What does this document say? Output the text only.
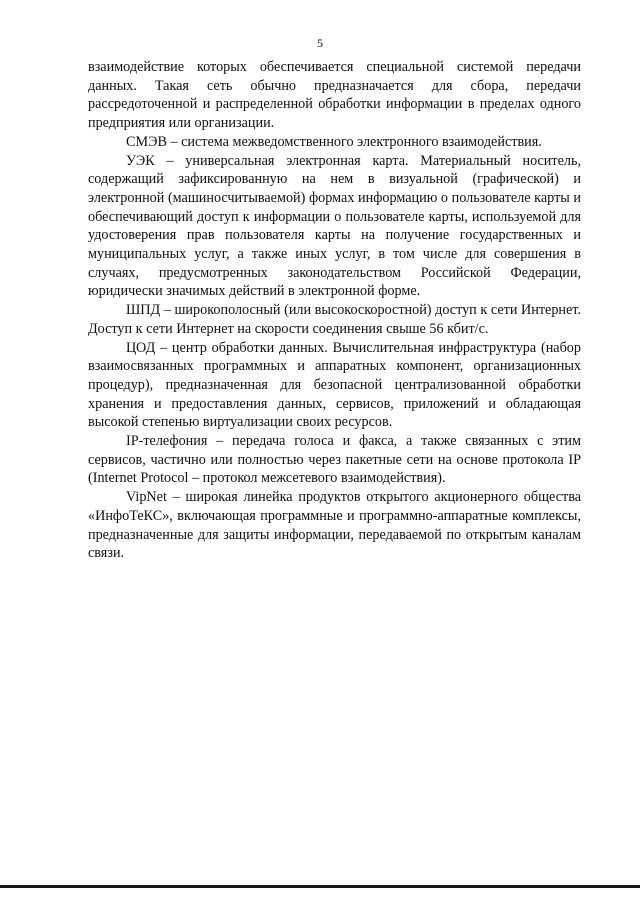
5

взаимодействие которых обеспечивается специальной системой передачи данных. Такая сеть обычно предназначается для сбора, передачи рассредоточенной и распределенной обработки информации в пределах одного предприятия или организации.

СМЭВ – система межведомственного электронного взаимодействия.

УЭК – универсальная электронная карта. Материальный носитель, содержащий зафиксированную на нем в визуальной (графической) и электронной (машиносчитываемой) формах информацию о пользователе карты и обеспечивающий доступ к информации о пользователе карты, используемой для удостоверения прав пользователя карты на получение государственных и муниципальных услуг, а также иных услуг, в том числе для совершения в случаях, предусмотренных законодательством Российской Федерации, юридически значимых действий в электронной форме.

ШПД – широкополосный (или высокоскоростной) доступ к сети Интернет. Доступ к сети Интернет на скорости соединения свыше 56 кбит/с.

ЦОД – центр обработки данных. Вычислительная инфраструктура (набор взаимосвязанных программных и аппаратных компонент, организационных процедур), предназначенная для безопасной централизованной обработки хранения и предоставления данных, сервисов, приложений и обладающая высокой степенью виртуализации своих ресурсов.

IP-телефония – передача голоса и факса, а также связанных с этим сервисов, частично или полностью через пакетные сети на основе протокола IP (Internet Protocol – протокол межсетевого взаимодействия).

VipNet – широкая линейка продуктов открытого акционерного общества «ИнфоТеКС», включающая программные и программно-аппаратные комплексы, предназначенные для защиты информации, передаваемой по открытым каналам связи.
